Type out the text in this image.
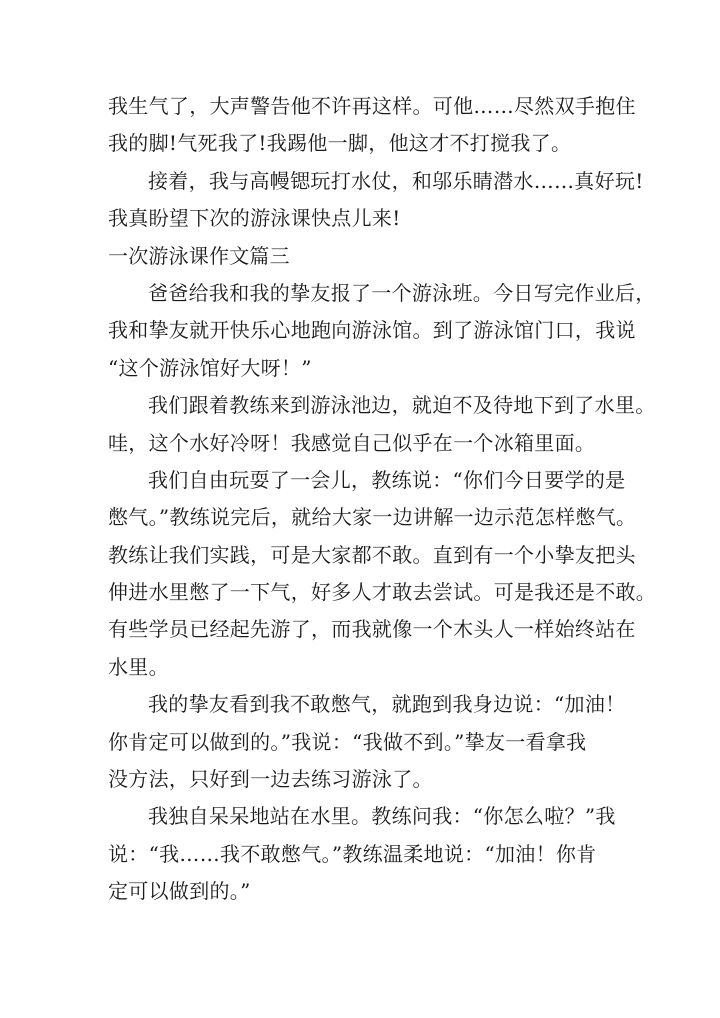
我生气了，大声警告他不许再这样。可他……尽然双手抱住
我的脚!气死我了!我踢他一脚，他这才不打搅我了。
接着，我与高幔锶玩打水仗，和邬乐睛潜水……真好玩!
我真盼望下次的游泳课快点儿来!
一次游泳课作文篇三
爸爸给我和我的挚友报了一个游泳班。今日写完作业后，
我和挚友就开快乐心地跑向游泳馆。到了游泳馆门口，我说
“这个游泳馆好大呀！”
我们跟着教练来到游泳池边，就迫不及待地下到了水里。
哇，这个水好冷呀！我感觉自己似乎在一个冰箱里面。
我们自由玩耍了一会儿，教练说：“你们今日要学的是
憋气。”教练说完后，就给大家一边讲解一边示范怎样憋气。
教练让我们实践，可是大家都不敢。直到有一个小挚友把头
伸进水里憋了一下气，好多人才敢去尝试。可是我还是不敢。
有些学员已经起先游了，而我就像一个木头人一样始终站在
水里。
我的挚友看到我不敢憋气，就跑到我身边说：“加油！
你肯定可以做到的。”我说：“我做不到。”挚友一看拿我
没方法，只好到一边去练习游泳了。
我独自呆呆地站在水里。教练问我：“你怎么啦？”我
说：“我……我不敢憋气。”教练温柔地说：“加油！你肯
定可以做到的。”
